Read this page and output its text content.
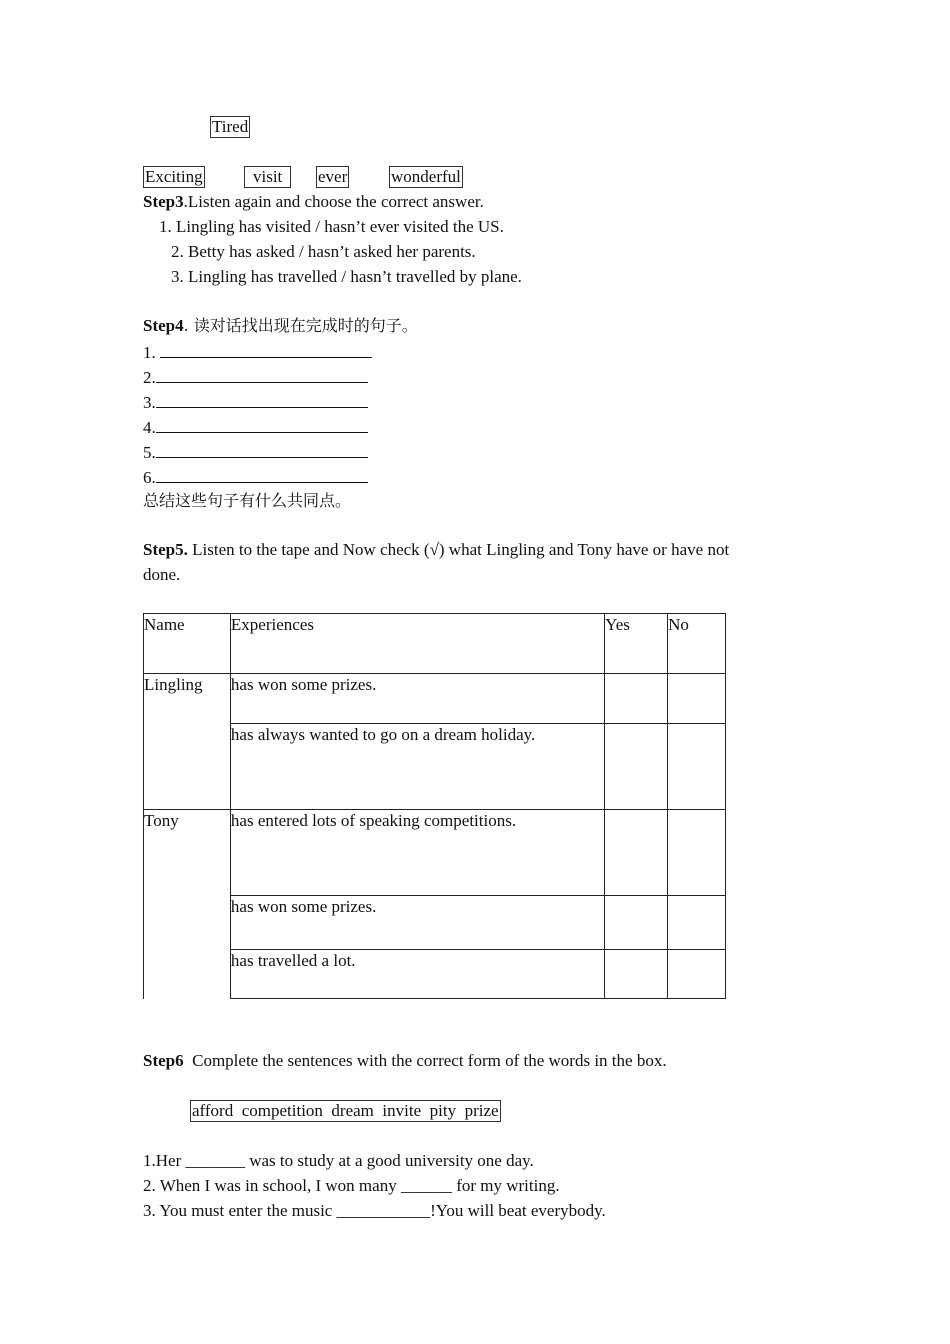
Tired
Exciting	visit	ever	wonderful
Step3.Listen again and choose the correct answer.
1. Lingling has visited / hasn’t ever visited the US.
2. Betty has asked / hasn’t asked her parents.
3. Lingling has travelled / hasn’t travelled by plane.
Step4. 读对话找出现在完成时的句子。
1.
2.
3.
4.
5.
6.
总结这些句子有什么共同点。
Step5. Listen to the tape and Now check (√) what Lingling and Tony have or have not
done.
Name	Experiences	Yes	No
Lingling	has won some prizes.		
	has always wanted to go on a dream holiday.		
Tony	has entered lots of speaking competitions.		
	has won some prizes.		
	has travelled a lot.		
Step6  Complete the sentences with the correct form of the words in the box.
afford  competition  dream  invite  pity  prize
1.Her _______ was to study at a good university one day.
2. When I was in school, I won many ______ for my writing.
3. You must enter the music ___________!You will beat everybody.
